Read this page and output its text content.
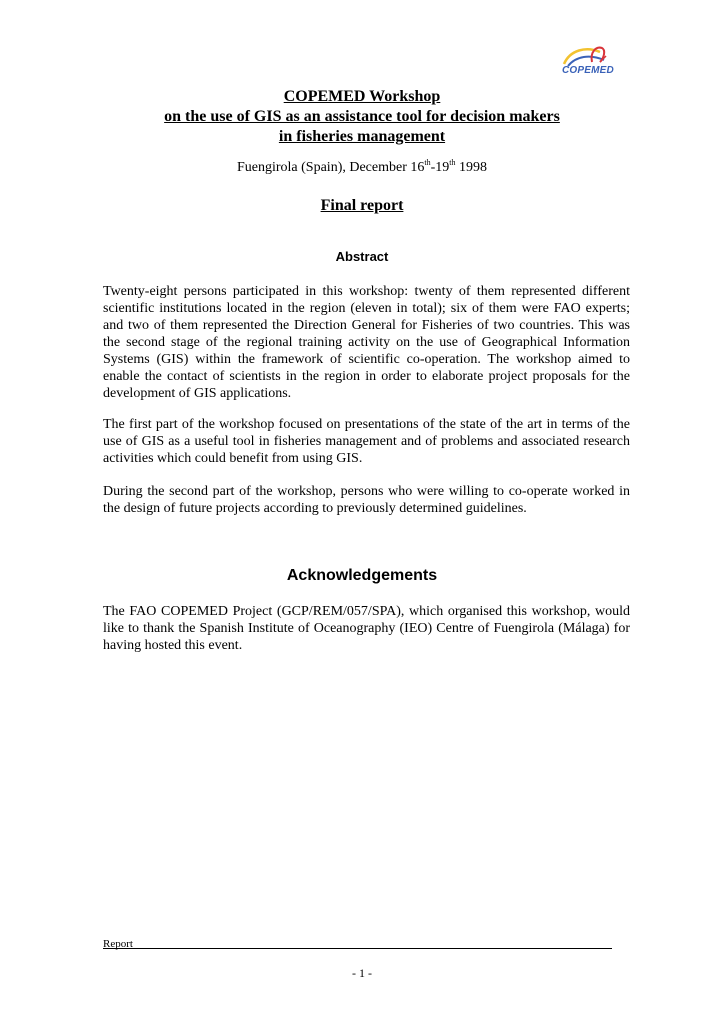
COPEMED
COPEMED Workshop
on the use of GIS as an assistance tool for decision makers
in fisheries management
Fuengirola (Spain), December 16th-19th 1998
Final report
Abstract

Twenty-eight persons participated in this workshop: twenty of them represented different scientific institutions located in the region (eleven in total); six of them were FAO experts; and two of them represented the Direction General for Fisheries of two countries. This was the second stage of the regional training activity on the use of Geographical Information Systems (GIS) within the framework of scientific co-operation. The workshop aimed to enable the contact of scientists in the region in order to elaborate project proposals for the development of GIS applications.

The first part of the workshop focused on presentations of the state of the art in terms of the use of GIS as a useful tool in fisheries management and of problems and associated research activities which could benefit from using GIS.

During the second part of the workshop, persons who were willing to co-operate worked in the design of future projects according to previously determined guidelines.

Acknowledgements

The FAO COPEMED Project (GCP/REM/057/SPA), which organised this workshop, would like to thank the Spanish Institute of Oceanography (IEO) Centre of Fuengirola (Málaga) for having hosted this event.

Report
- 1 -
